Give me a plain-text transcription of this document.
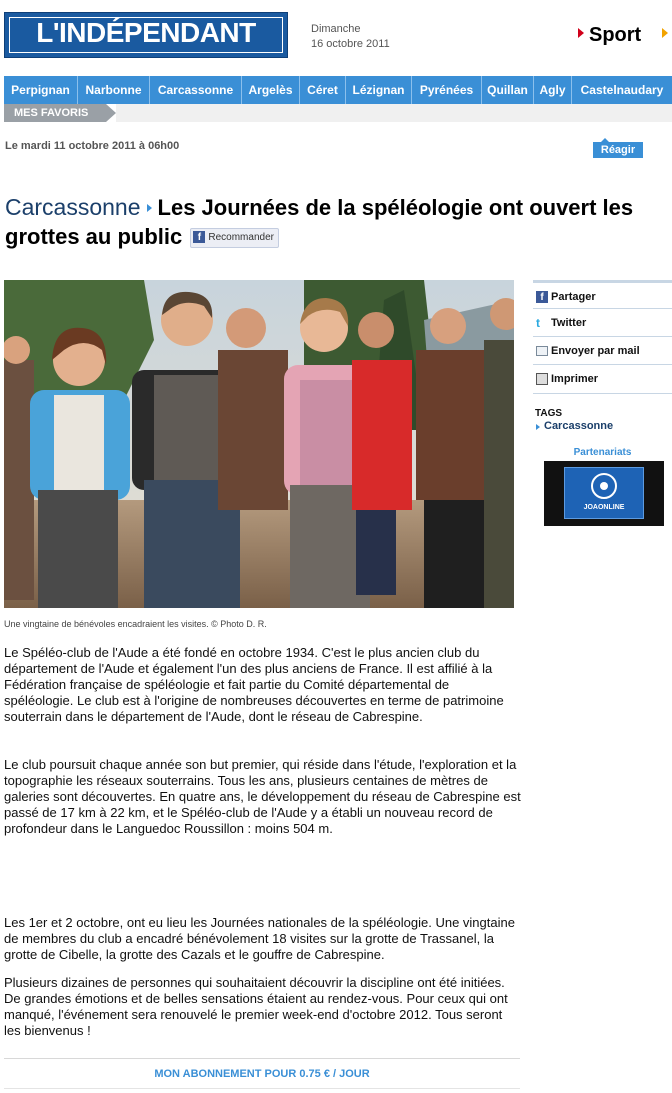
L'INDÉPENDANT	Dimanche
16 octobre 2011	Sport
Perpignan	Narbonne	Carcassonne	Argelès	Céret	Lézignan	Pyrénées	Quillan Agly	Castelnaudary
MES FAVORIS
Le mardi 11 octobre 2011 à 06h00	Réagir
Carcassonne Les Journées de la spéléologie ont ouvert les grottes au public f Recommander
Une vingtaine de bénévoles encadraient les visites. © Photo D. R.
Le Spéléo-club de l'Aude a été fondé en octobre 1934. C'est le plus ancien club du département de l'Aude et également l'un des plus anciens de France. Il est affilié à la Fédération française de spéléologie et fait partie du Comité départemental de spéléologie. Le club est à l'origine de nombreuses découvertes en terme de patrimoine souterrain dans le département de l'Aude, dont le réseau de Cabrespine.
Le club poursuit chaque année son but premier, qui réside dans l'étude, l'exploration et la topographie les réseaux souterrains. Tous les ans, plusieurs centaines de mètres de galeries sont découvertes. En quatre ans, le développement du réseau de Cabrespine est passé de 17 km à 22 km, et le Spéléo-club de l'Aude y a établi un nouveau record de profondeur dans le Languedoc Roussillon : moins 504 m.
Les 1er et 2 octobre, ont eu lieu les Journées nationales de la spéléologie. Une vingtaine de membres du club a encadré bénévolement 18 visites sur la grotte de Trassanel, la grotte de Cibelle, la grotte des Cazals et le gouffre de Cabrespine.
Plusieurs dizaines de personnes qui souhaitaient découvrir la discipline ont été initiées. De grandes émotions et de belles sensations étaient au rendez-vous. Pour ceux qui ont manqué, l'événement sera renouvelé le premier week-end d'octobre 2012. Tous seront les bienvenus !
MON ABONNEMENT POUR 0.75 € / JOUR
f Partager
t	Twitter
Envoyer par mail
Imprimer
TAGS
Carcassonne
Partenariats
JOAONLINE
